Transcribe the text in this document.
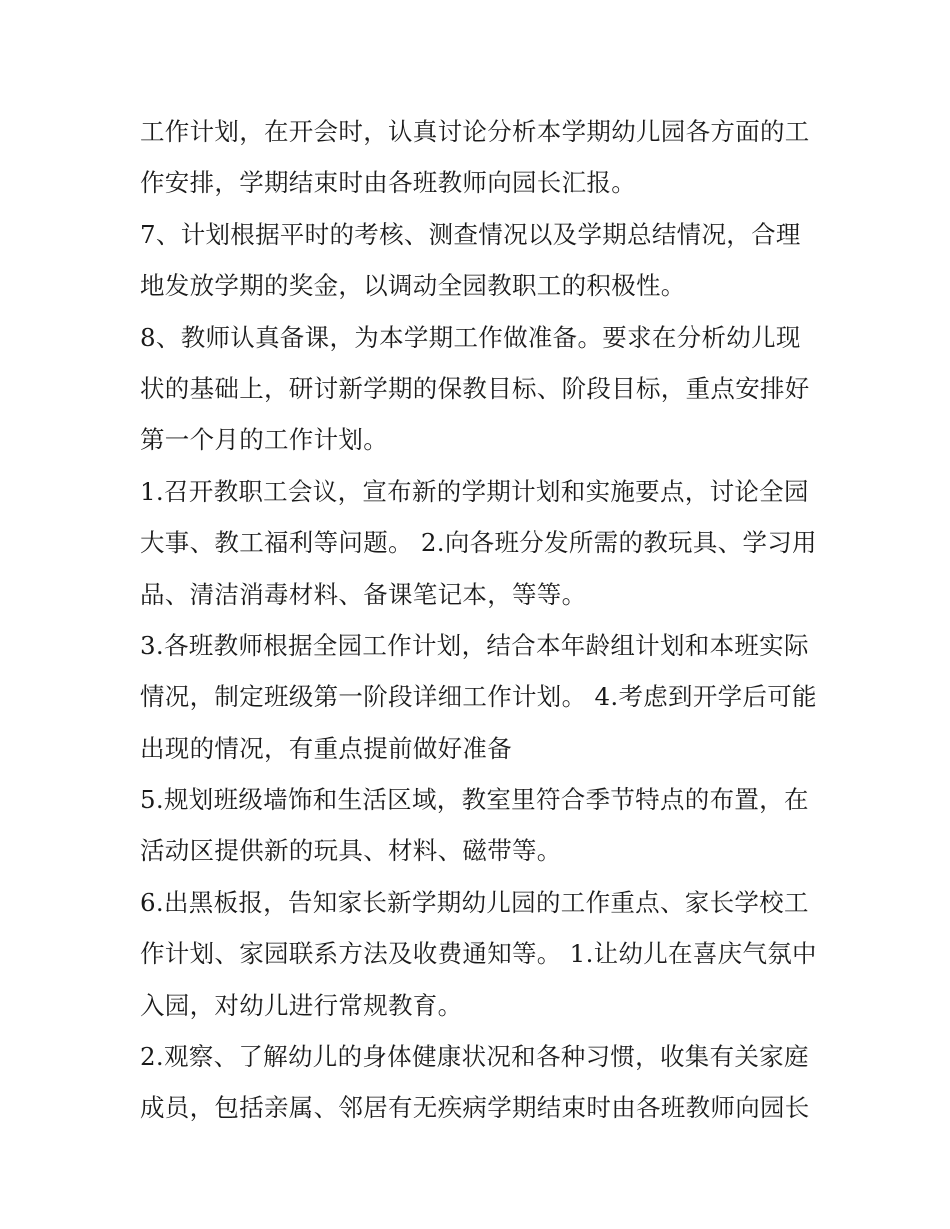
工作计划，在开会时，认真讨论分析本学期幼儿园各方面的工
作安排，学期结束时由各班教师向园长汇报。
7、计划根据平时的考核、测查情况以及学期总结情况，合理
地发放学期的奖金，以调动全园教职工的积极性。
8、教师认真备课，为本学期工作做准备。要求在分析幼儿现
状的基础上，研讨新学期的保教目标、阶段目标，重点安排好
第一个月的工作计划。
1.召开教职工会议，宣布新的学期计划和实施要点，讨论全园
大事、教工福利等问题。 2.向各班分发所需的教玩具、学习用
品、清洁消毒材料、备课笔记本，等等。
3.各班教师根据全园工作计划，结合本年龄组计划和本班实际
情况，制定班级第一阶段详细工作计划。 4.考虑到开学后可能
出现的情况，有重点提前做好准备
5.规划班级墙饰和生活区域，教室里符合季节特点的布置，在
活动区提供新的玩具、材料、磁带等。
6.出黑板报，告知家长新学期幼儿园的工作重点、家长学校工
作计划、家园联系方法及收费通知等。 1.让幼儿在喜庆气氛中
入园，对幼儿进行常规教育。
2.观察、了解幼儿的身体健康状况和各种习惯，收集有关家庭
成员，包括亲属、邻居有无疾病学期结束时由各班教师向园长
